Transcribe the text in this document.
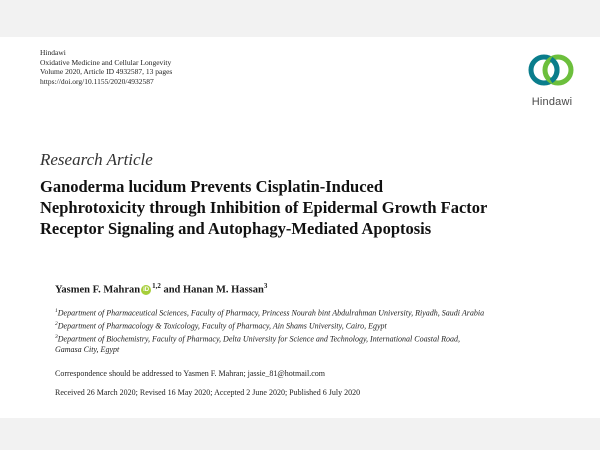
Hindawi
Oxidative Medicine and Cellular Longevity
Volume 2020, Article ID 4932587, 13 pages
https://doi.org/10.1155/2020/4932587
Hindawi
Research Article
Ganoderma lucidum Prevents Cisplatin-Induced
Nephrotoxicity through Inhibition of Epidermal Growth Factor
Receptor Signaling and Autophagy-Mediated Apoptosis
Yasmen F. Mahran iD$^{1,2}$ and Hanan M. Hassan$^3$
$^1$Department of Pharmaceutical Sciences, Faculty of Pharmacy, Princess Nourah bint Abdulrahman University, Riyadh, Saudi Arabia
$^2$Department of Pharmacology & Toxicology, Faculty of Pharmacy, Ain Shams University, Cairo, Egypt
$^3$Department of Biochemistry, Faculty of Pharmacy, Delta University for Science and Technology, International Coastal Road,
Gamasa City, Egypt
Correspondence should be addressed to Yasmen F. Mahran; jassie_81@hotmail.com
Received 26 March 2020; Revised 16 May 2020; Accepted 2 June 2020; Published 6 July 2020
